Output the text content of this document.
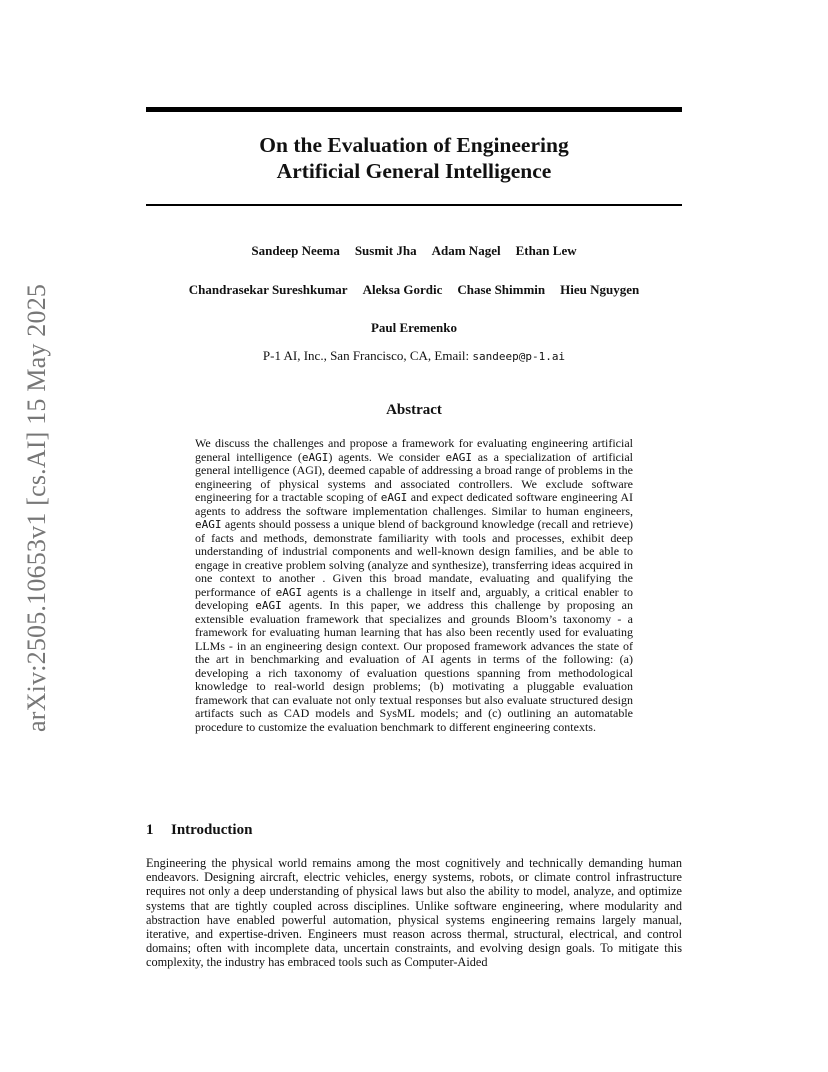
On the Evaluation of Engineering
Artificial General Intelligence
arXiv:2505.10653v1 [cs.AI] 15 May 2025
Sandeep Neema Susmit Jha Adam Nagel Ethan Lew
Chandrasekar Sureshkumar Aleksa Gordic Chase Shimmin Hieu Nguygen
Paul Eremenko
P-1 AI, Inc., San Francisco, CA, Email: sandeep@p-1.ai
Abstract
We discuss the challenges and propose a framework for evaluating engineering artificial general intelligence (eAGI) agents. We consider eAGI as a specialization of artificial general intelligence (AGI), deemed capable of addressing a broad range of problems in the engineering of physical systems and associated controllers. We exclude software engineering for a tractable scoping of eAGI and expect dedicated software engineering AI agents to address the software implementation challenges. Similar to human engineers, eAGI agents should possess a unique blend of background knowledge (recall and retrieve) of facts and methods, demonstrate familiarity with tools and processes, exhibit deep understanding of industrial components and well-known design families, and be able to engage in creative problem solving (analyze and synthesize), transferring ideas acquired in one context to another . Given this broad mandate, evaluating and qualifying the performance of eAGI agents is a challenge in itself and, arguably, a critical enabler to developing eAGI agents. In this paper, we address this challenge by proposing an extensible evaluation framework that specializes and grounds Bloom’s taxonomy - a framework for evaluating human learning that has also been recently used for evaluating LLMs - in an engineering design context. Our proposed framework advances the state of the art in benchmarking and evaluation of AI agents in terms of the following: (a) developing a rich taxonomy of evaluation questions spanning from methodological knowledge to real-world design problems; (b) motivating a pluggable evaluation framework that can evaluate not only textual responses but also evaluate structured design artifacts such as CAD models and SysML models; and (c) outlining an automatable procedure to customize the evaluation benchmark to different engineering contexts.
1 Introduction
Engineering the physical world remains among the most cognitively and technically demanding human endeavors. Designing aircraft, electric vehicles, energy systems, robots, or climate control infrastructure requires not only a deep understanding of physical laws but also the ability to model, analyze, and optimize systems that are tightly coupled across disciplines. Unlike software engineering, where modularity and abstraction have enabled powerful automation, physical systems engineering remains largely manual, iterative, and expertise-driven. Engineers must reason across thermal, structural, electrical, and control domains; often with incomplete data, uncertain constraints, and evolving design goals. To mitigate this complexity, the industry has embraced tools such as Computer-Aided
